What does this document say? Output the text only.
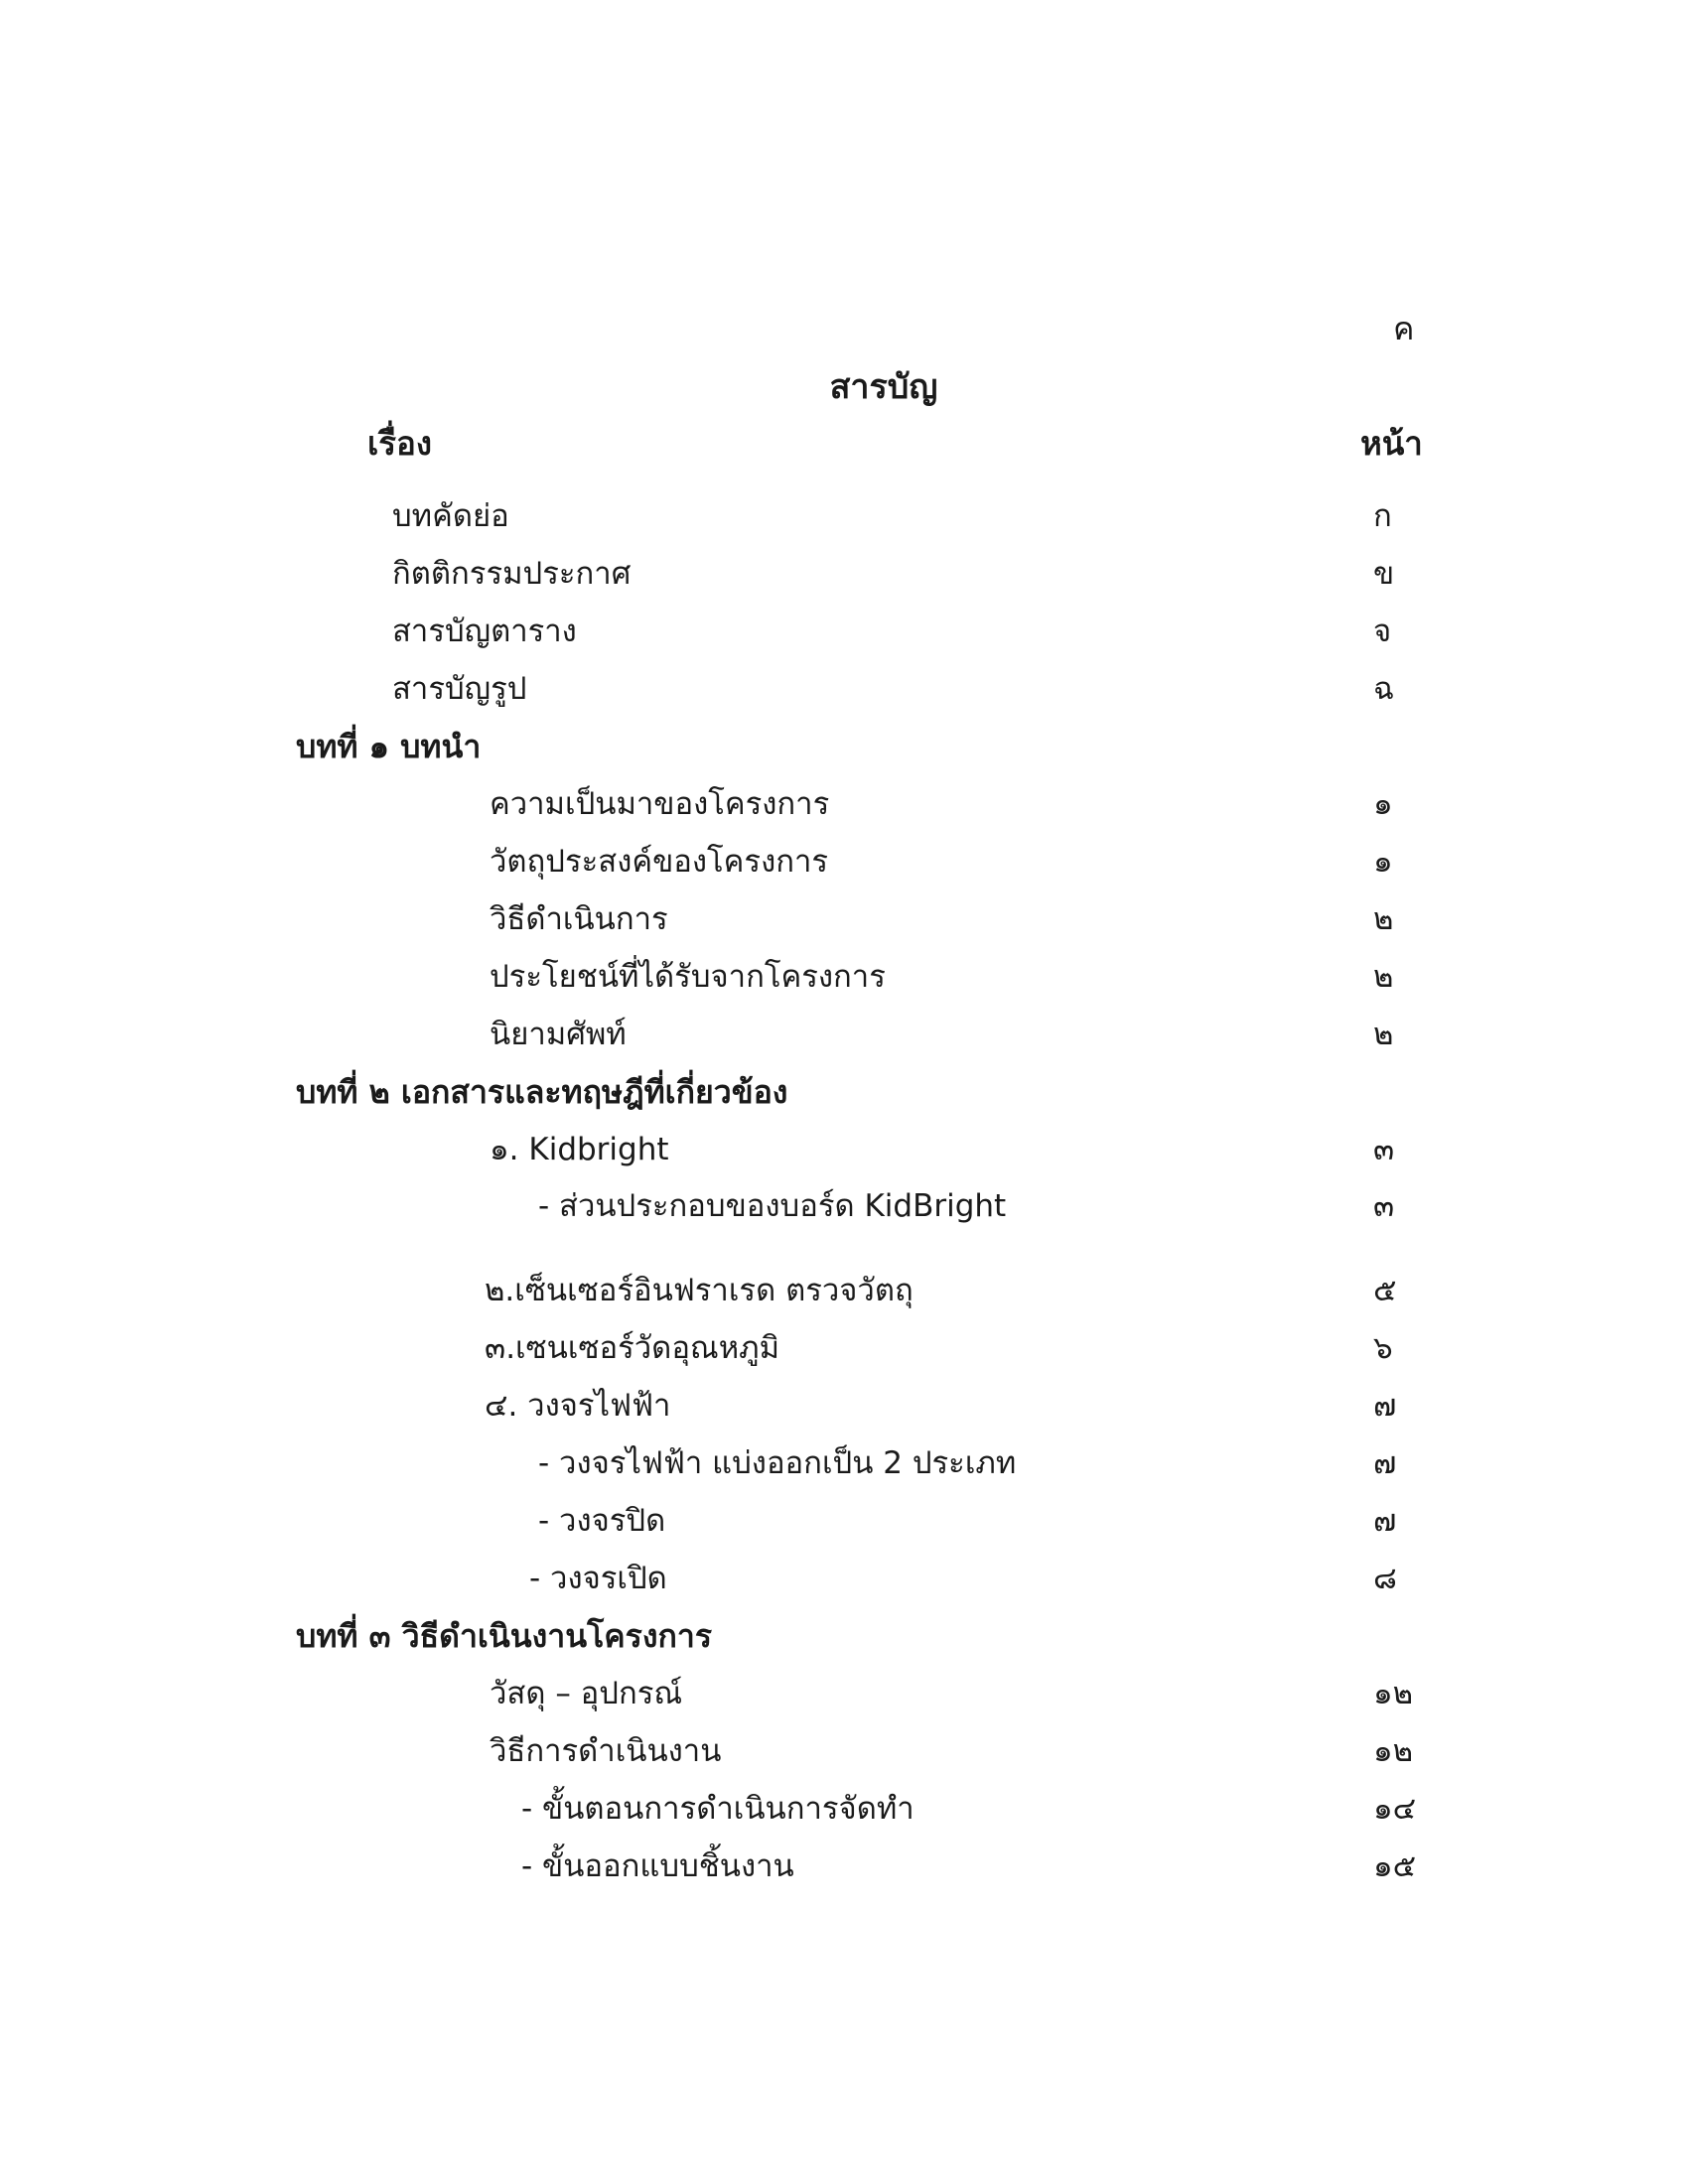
ค
สารบัญ
เรื่อง	หน้า
บทคัดย่อ	ก
กิตติกรรมประกาศ	ข
สารบัญตาราง	จ
สารบัญรูป	ฉ
บทที่ ๑ บทนำ
ความเป็นมาของโครงการ	๑
วัตถุประสงค์ของโครงการ	๑
วิธีดำเนินการ	๒
ประโยชน์ที่ได้รับจากโครงการ	๒
นิยามศัพท์	๒
บทที่ ๒ เอกสารและทฤษฎีที่เกี่ยวข้อง
๑. Kidbright	๓
- ส่วนประกอบของบอร์ด KidBright	๓
๒.เซ็นเซอร์อินฟราเรด ตรวจวัตถุ	๕
๓.เซนเซอร์วัดอุณหภูมิ	๖
๔. วงจรไฟฟ้า	๗
- วงจรไฟฟ้า แบ่งออกเป็น 2 ประเภท	๗
- วงจรปิด	๗
- วงจรเปิด	๘
บทที่ ๓ วิธีดำเนินงานโครงการ
วัสดุ – อุปกรณ์	๑๒
วิธีการดำเนินงาน	๑๒
- ขั้นตอนการดำเนินการจัดทำ	๑๔
- ขั้นออกแบบชิ้นงาน	๑๕
